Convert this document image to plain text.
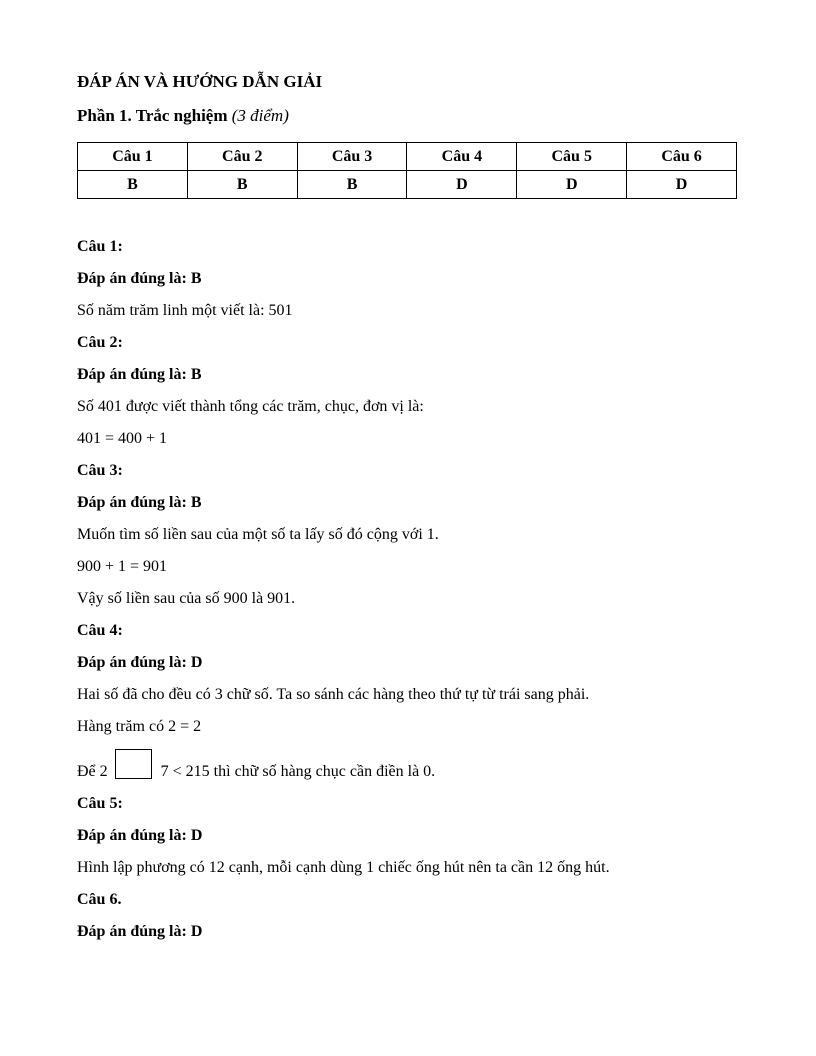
ĐÁP ÁN VÀ HƯỚNG DẪN GIẢI
Phần 1. Trắc nghiệm (3 điểm)
Câu 1	Câu 2	Câu 3	Câu 4	Câu 5	Câu 6
B	B	B	D	D	D

Câu 1:

Đáp án đúng là: B

Số năm trăm linh một viết là: 501

Câu 2:

Đáp án đúng là: B

Số 401 được viết thành tổng các trăm, chục, đơn vị là:

401 = 400 + 1

Câu 3:

Đáp án đúng là: B

Muốn tìm số liền sau của một số ta lấy số đó cộng với 1.

900 + 1 = 901

Vậy số liền sau của số 900 là 901.

Câu 4:

Đáp án đúng là: D

Hai số đã cho đều có 3 chữ số. Ta so sánh các hàng theo thứ tự từ trái sang phải.

Hàng trăm có 2 = 2

Để 2	7 < 215 thì chữ số hàng chục cần điền là 0.

Câu 5:

Đáp án đúng là: D

Hình lập phương có 12 cạnh, mỗi cạnh dùng 1 chiếc ống hút nên ta cần 12 ống hút.

Câu 6.

Đáp án đúng là: D
